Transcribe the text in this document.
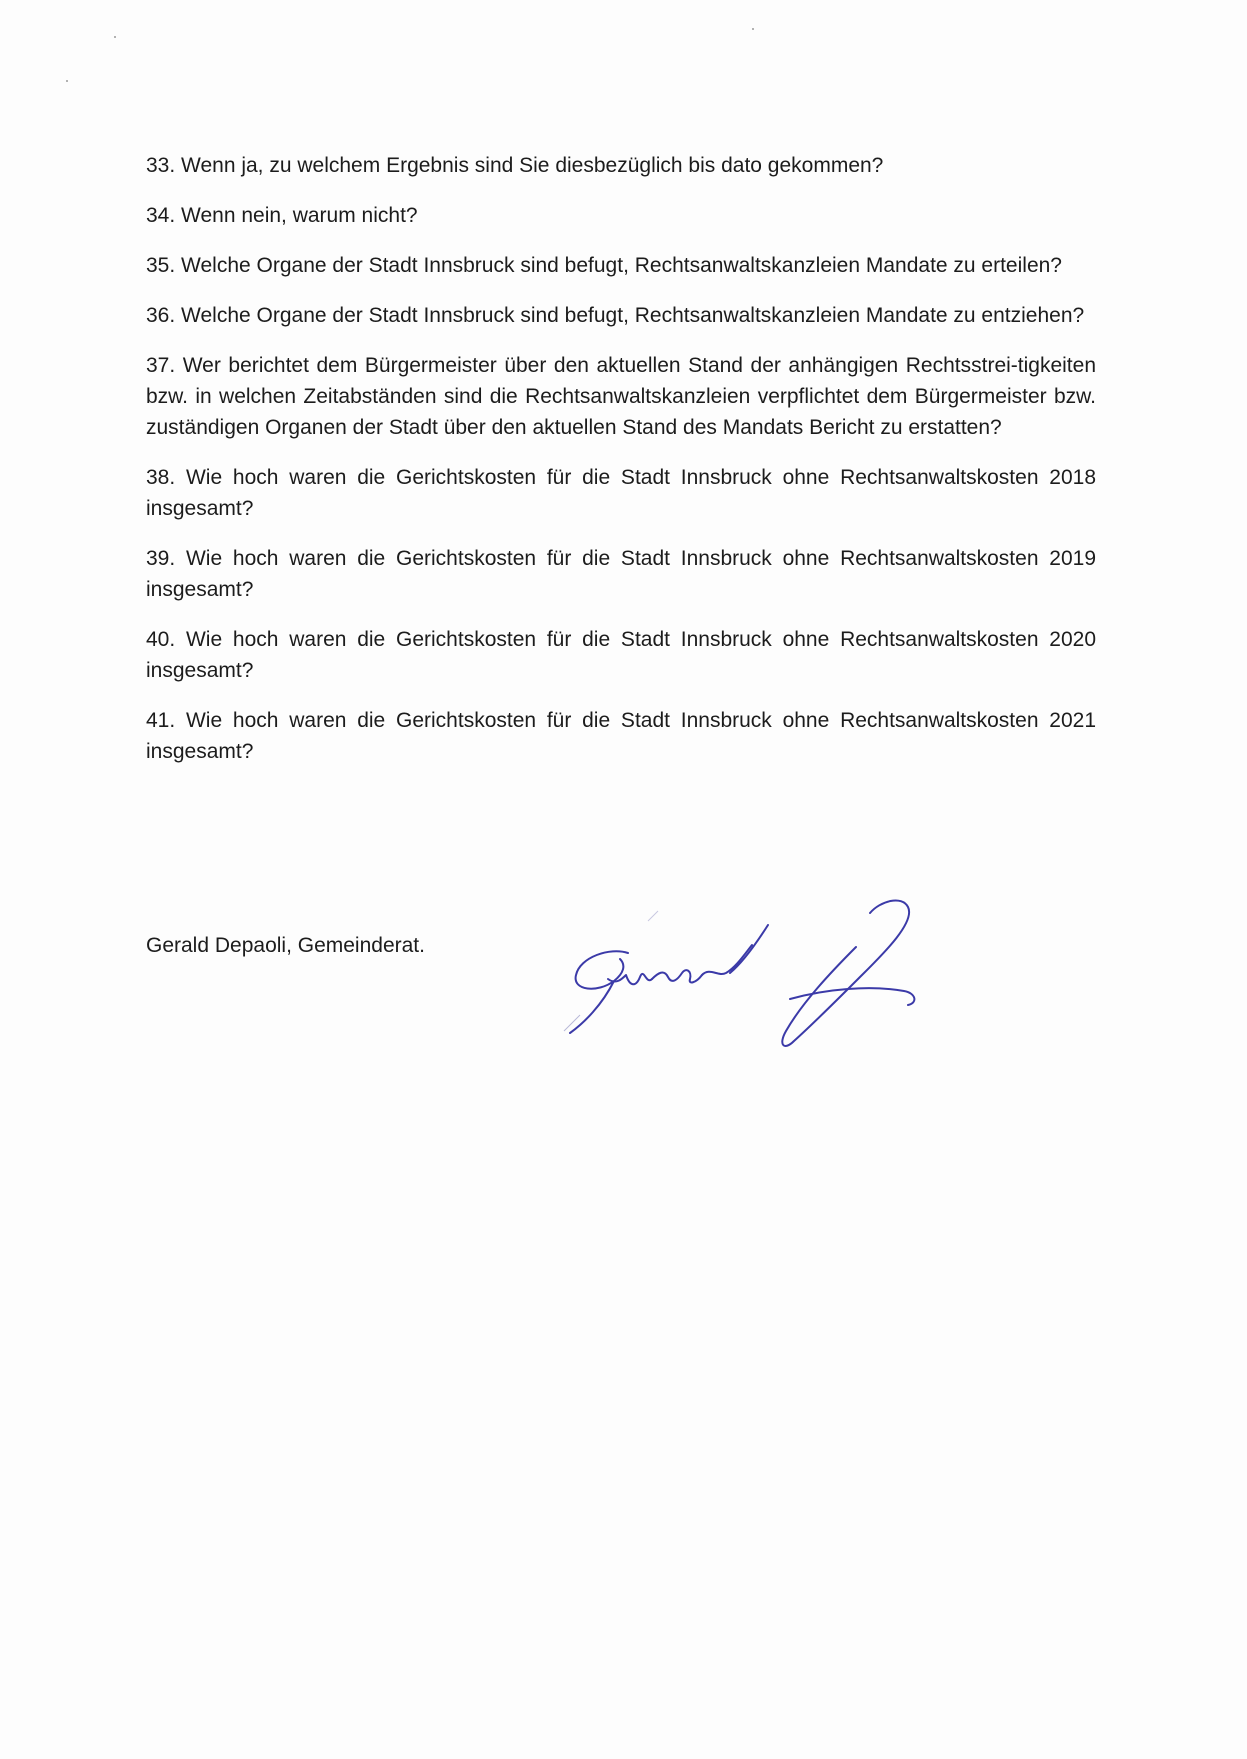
33. Wenn ja, zu welchem Ergebnis sind Sie diesbezüglich bis dato gekommen?

34. Wenn nein, warum nicht?

35. Welche Organe der Stadt Innsbruck sind befugt, Rechtsanwaltskanzleien Mandate zu erteilen?

36. Welche Organe der Stadt Innsbruck sind befugt, Rechtsanwaltskanzleien Mandate zu entziehen?

37. Wer berichtet dem Bürgermeister über den aktuellen Stand der anhängigen Rechtsstrei-tigkeiten bzw. in welchen Zeitabständen sind die Rechtsanwaltskanzleien verpflichtet dem Bürgermeister bzw. zuständigen Organen der Stadt über den aktuellen Stand des Mandats Bericht zu erstatten?

38. Wie hoch waren die Gerichtskosten für die Stadt Innsbruck ohne Rechtsanwaltskosten 2018 insgesamt?

39. Wie hoch waren die Gerichtskosten für die Stadt Innsbruck ohne Rechtsanwaltskosten 2019 insgesamt?

40. Wie hoch waren die Gerichtskosten für die Stadt Innsbruck ohne Rechtsanwaltskosten 2020 insgesamt?

41. Wie hoch waren die Gerichtskosten für die Stadt Innsbruck ohne Rechtsanwaltskosten 2021 insgesamt?

Gerald Depaoli, Gemeinderat.
